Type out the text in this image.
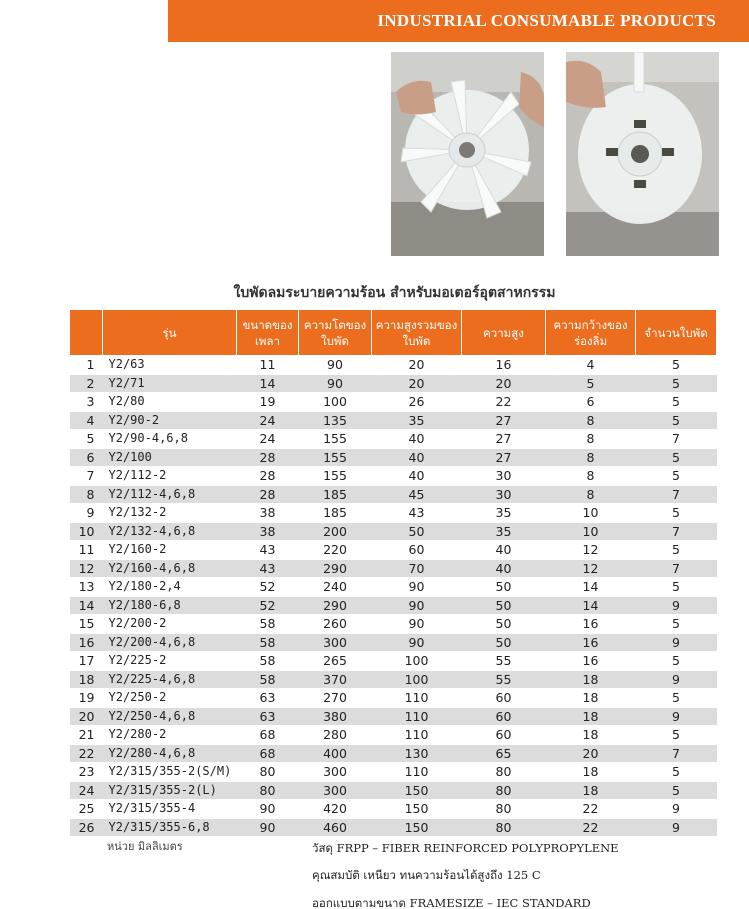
INDUSTRIAL CONSUMABLE PRODUCTS
ใบพัดลมระบายความร้อน สำหรับมอเตอร์อุตสาหกรรม
	รุ่น	ขนาดของเพลา	ความโตของใบพัด	ความสูงรวมของใบพัด	ความสูง	ความกว้างของร่องลิ่ม	จำนวนใบพัด
1	Y2/63	11	90	20	16	4	5
2	Y2/71	14	90	20	20	5	5
3	Y2/80	19	100	26	22	6	5
4	Y2/90-2	24	135	35	27	8	5
5	Y2/90-4,6,8	24	155	40	27	8	7
6	Y2/100	28	155	40	27	8	5
7	Y2/112-2	28	155	40	30	8	5
8	Y2/112-4,6,8	28	185	45	30	8	7
9	Y2/132-2	38	185	43	35	10	5
10	Y2/132-4,6,8	38	200	50	35	10	7
11	Y2/160-2	43	220	60	40	12	5
12	Y2/160-4,6,8	43	290	70	40	12	7
13	Y2/180-2,4	52	240	90	50	14	5
14	Y2/180-6,8	52	290	90	50	14	9
15	Y2/200-2	58	260	90	50	16	5
16	Y2/200-4,6,8	58	300	90	50	16	9
17	Y2/225-2	58	265	100	55	16	5
18	Y2/225-4,6,8	58	370	100	55	18	9
19	Y2/250-2	63	270	110	60	18	5
20	Y2/250-4,6,8	63	380	110	60	18	9
21	Y2/280-2	68	280	110	60	18	5
22	Y2/280-4,6,8	68	400	130	65	20	7
23	Y2/315/355-2(S/M)	80	300	110	80	18	5
24	Y2/315/355-2(L)	80	300	150	80	18	5
25	Y2/315/355-4	90	420	150	80	22	9
26	Y2/315/355-6,8	90	460	150	80	22	9
หน่วย มิลลิเมตร	วัสดุ FRPP – FIBER REINFORCED POLYPROPYLENE
คุณสมบัติ เหนียว ทนความร้อนได้สูงถึง 125 C
ออกแบบตามขนาด FRAMESIZE – IEC STANDARD
